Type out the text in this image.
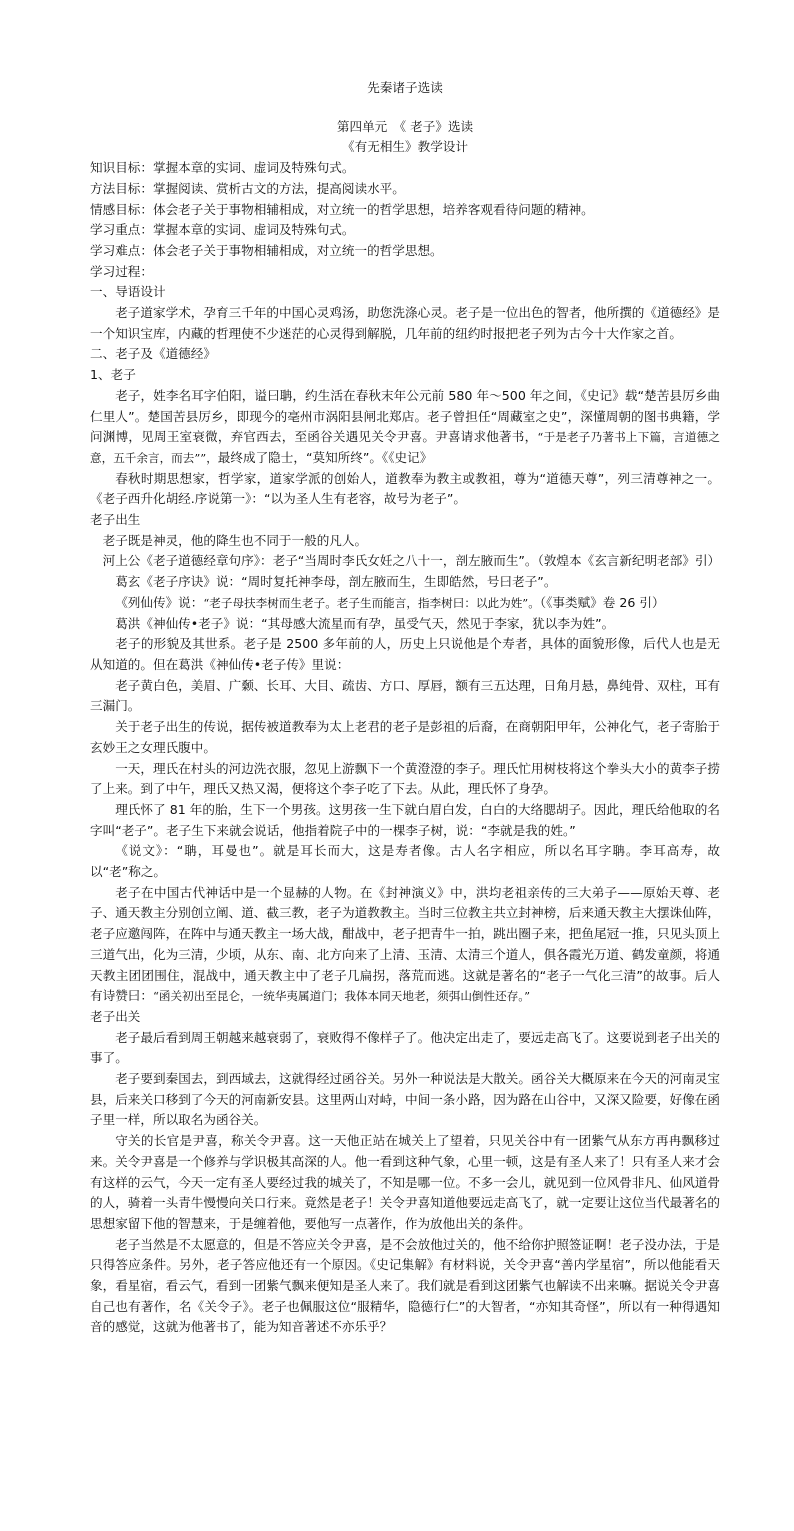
先秦诸子选读
第四单元　《 老子》选读
《有无相生》教学设计
知识目标：掌握本章的实词、虚词及特殊句式。
方法目标：掌握阅读、赏析古文的方法，提高阅读水平。
情感目标：体会老子关于事物相辅相成，对立统一的哲学思想，培养客观看待问题的精神。
学习重点：掌握本章的实词、虚词及特殊句式。
学习难点：体会老子关于事物相辅相成，对立统一的哲学思想。
学习过程：
一、导语设计
老子道家学术，孕育三千年的中国心灵鸡汤，助您洗涤心灵。老子是一位出色的智者，他所撰的《道德经》是一个知识宝库，内藏的哲理使不少迷茫的心灵得到解脱，几年前的纽约时报把老子列为古今十大作家之首。
二、老子及《道德经》
1、老子
老子，姓李名耳字伯阳，谥曰聃，约生活在春秋末年公元前 580 年～500 年之间，《史记》载“楚苦县厉乡曲仁里人”。楚国苦县厉乡，即现今的亳州市涡阳县闸北郑店。老子曾担任“周藏室之史”，深懂周朝的图书典籍，学问渊博，见周王室衰微，弃官西去，至函谷关遇见关令尹喜。尹喜请求他著书，“于是老子乃著书上下篇，言道德之意，五千余言，而去””，最终成了隐士，“莫知所终”。《《史记》
春秋时期思想家，哲学家，道家学派的创始人，道教奉为教主或教祖，尊为“道德天尊”，列三清尊神之一。《老子西升化胡经.序说第一》：“以为圣人生有老容，故号为老子”。
老子出生
老子既是神灵，他的降生也不同于一般的凡人。
河上公《老子道德经章句序》：老子“当周时李氏女妊之八十一，剖左腋而生”。（敦煌本《玄言新纪明老部》引）
葛玄《老子序诀》说：“周时复托神李母，剖左腋而生，生即皓然，号曰老子”。
《列仙传》说：“老子母扶李树而生老子。老子生而能言，指李树曰：以此为姓”。（《事类赋》卷 26 引）
葛洪《神仙传•老子》说：“其母感大流星而有孕，虽受气天，然见于李家，犹以李为姓”。
老子的形貌及其世系。老子是 2500 多年前的人，历史上只说他是个寿者，具体的面貌形像，后代人也是无从知道的。但在葛洪《神仙传•老子传》里说：
老子黄白色，美眉、广颡、长耳、大目、疏齿、方口、厚唇，额有三五达理，日角月悬，鼻纯骨、双柱，耳有三漏门。
关于老子出生的传说，据传被道教奉为太上老君的老子是彭祖的后裔，在商朝阳甲年，公神化气，老子寄胎于玄妙王之女理氏腹中。
一天，理氏在村头的河边洗衣服，忽见上游飘下一个黄澄澄的李子。理氏忙用树枝将这个拳头大小的黄李子捞了上来。到了中午，理氏又热又渴，便将这个李子吃了下去。从此，理氏怀了身孕。
理氏怀了 81 年的胎，生下一个男孩。这男孩一生下就白眉白发，白白的大络腮胡子。因此，理氏给他取的名字叫“老子”。老子生下来就会说话，他指着院子中的一棵李子树，说：“李就是我的姓。”
《说文》：“聃，耳曼也”。就是耳长而大，这是寿者像。古人名字相应，所以名耳字聃。李耳高寿，故以“老”称之。
老子在中国古代神话中是一个显赫的人物。在《封神演义》中，洪均老祖亲传的三大弟子——原始天尊、老子、通天教主分别创立阐、道、截三教，老子为道教教主。当时三位教主共立封神榜，后来通天教主大摆诛仙阵，老子应邀闯阵，在阵中与通天教主一场大战，酣战中，老子把青牛一拍，跳出圈子来，把鱼尾冠一推，只见头顶上三道气出，化为三清，少顷，从东、南、北方向来了上清、玉清、太清三个道人，俱各霞光万道、鹤发童颜，将通天教主团团围住，混战中，通天教主中了老子几扁拐，落荒而逃。这就是著名的“老子一气化三清”的故事。后人有诗赞曰：“函关初出至昆仑，一统华夷属道门；我体本同天地老，须弭山倒性还存。”
老子出关
老子最后看到周王朝越来越衰弱了，衰败得不像样子了。他决定出走了，要远走高飞了。这要说到老子出关的事了。
老子要到秦国去，到西域去，这就得经过函谷关。另外一种说法是大散关。函谷关大概原来在今天的河南灵宝县，后来关口移到了今天的河南新安县。这里两山对峙，中间一条小路，因为路在山谷中，又深又险要，好像在函子里一样，所以取名为函谷关。
守关的长官是尹喜，称关令尹喜。这一天他正站在城关上了望着，只见关谷中有一团紫气从东方再冉飘移过来。关令尹喜是一个修养与学识极其高深的人。他一看到这种气象，心里一顿，这是有圣人来了！只有圣人来才会有这样的云气，今天一定有圣人要经过我的城关了，不知是哪一位。不多一会儿，就见到一位风骨非凡、仙风道骨的人，骑着一头青牛慢慢向关口行来。竟然是老子！关令尹喜知道他要远走高飞了，就一定要让这位当代最著名的思想家留下他的智慧来，于是缠着他，要他写一点著作，作为放他出关的条件。
老子当然是不太愿意的，但是不答应关令尹喜，是不会放他过关的，他不给你护照签证啊！老子没办法，于是只得答应条件。另外，老子答应他还有一个原因。《史记集解》有材料说，关令尹喜“善内学星宿”，所以他能看天象，看星宿，看云气，看到一团紫气飘来便知是圣人来了。我们就是看到这团紫气也解读不出来嘛。据说关令尹喜自己也有著作，名《关令子》。老子也佩服这位“服精华，隐德行仁”的大智者，“亦知其奇怪”，所以有一种得遇知音的感觉，这就为他著书了，能为知音著述不亦乐乎？
